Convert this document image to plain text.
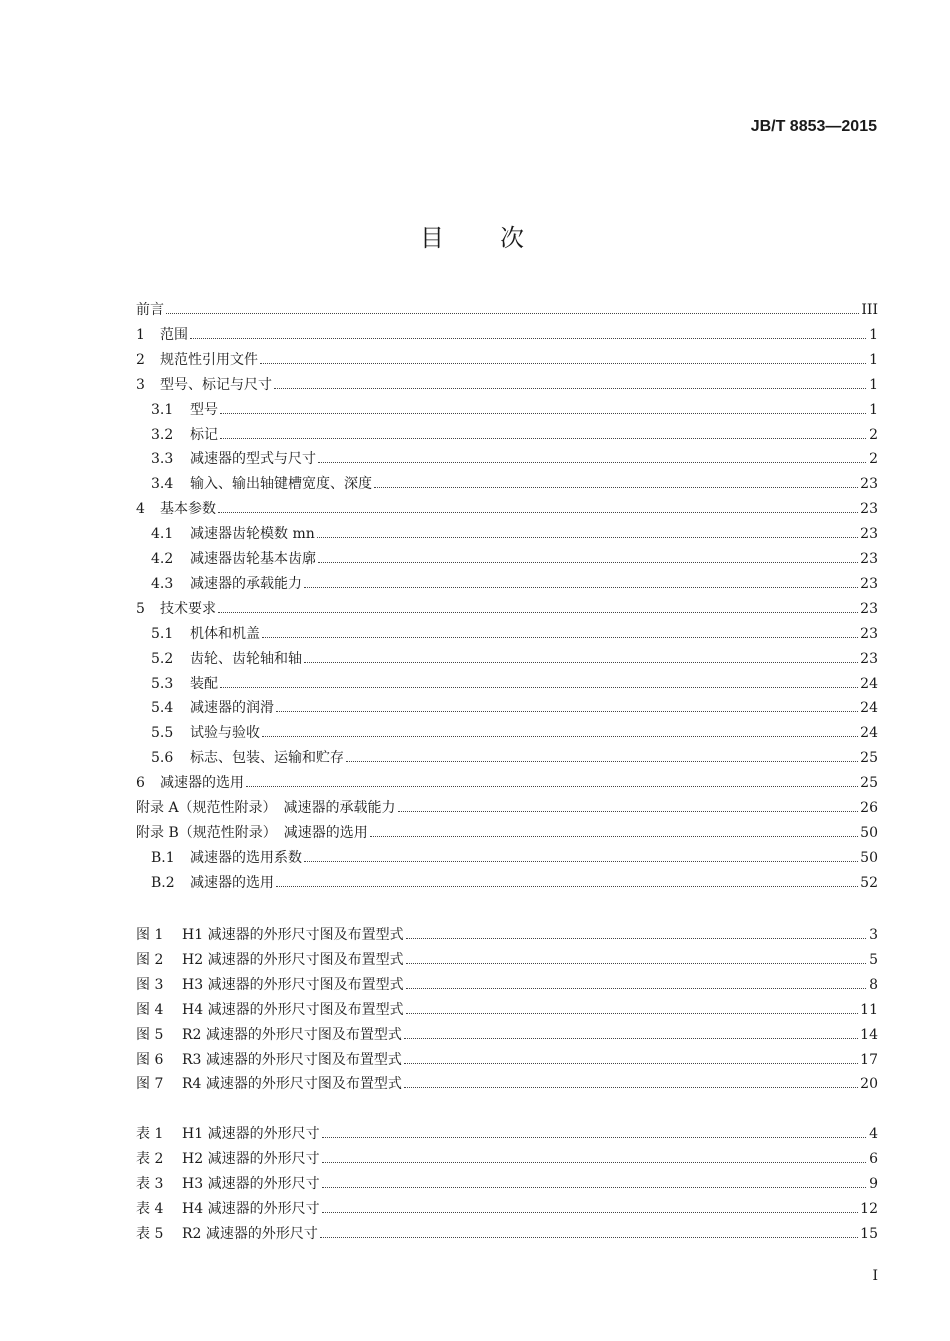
JB/T 8853—2015
目次
前言	III
1	范围	1
2	规范性引用文件	1
3	型号、标记与尺寸	1
3.1	型号	1
3.2	标记	2
3.3	减速器的型式与尺寸	2
3.4	输入、输出轴键槽宽度、深度	23
4	基本参数	23
4.1	减速器齿轮模数 mn	23
4.2	减速器齿轮基本齿廓	23
4.3	减速器的承载能力	23
5	技术要求	23
5.1	机体和机盖	23
5.2	齿轮、齿轮轴和轴	23
5.3	装配	24
5.4	减速器的润滑	24
5.5	试验与验收	24
5.6	标志、包装、运输和贮存	25
6	减速器的选用	25
附录 A（规范性附录）　减速器的承载能力	26
附录 B（规范性附录）　减速器的选用	50
B.1	减速器的选用系数	50
B.2	减速器的选用	52
图 1	H1 减速器的外形尺寸图及布置型式	3
图 2	H2 减速器的外形尺寸图及布置型式	5
图 3	H3 减速器的外形尺寸图及布置型式	8
图 4	H4 减速器的外形尺寸图及布置型式	11
图 5	R2 减速器的外形尺寸图及布置型式	14
图 6	R3 减速器的外形尺寸图及布置型式	17
图 7	R4 减速器的外形尺寸图及布置型式	20
表 1	H1 减速器的外形尺寸	4
表 2	H2 减速器的外形尺寸	6
表 3	H3 减速器的外形尺寸	9
表 4	H4 减速器的外形尺寸	12
表 5	R2 减速器的外形尺寸	15
I
